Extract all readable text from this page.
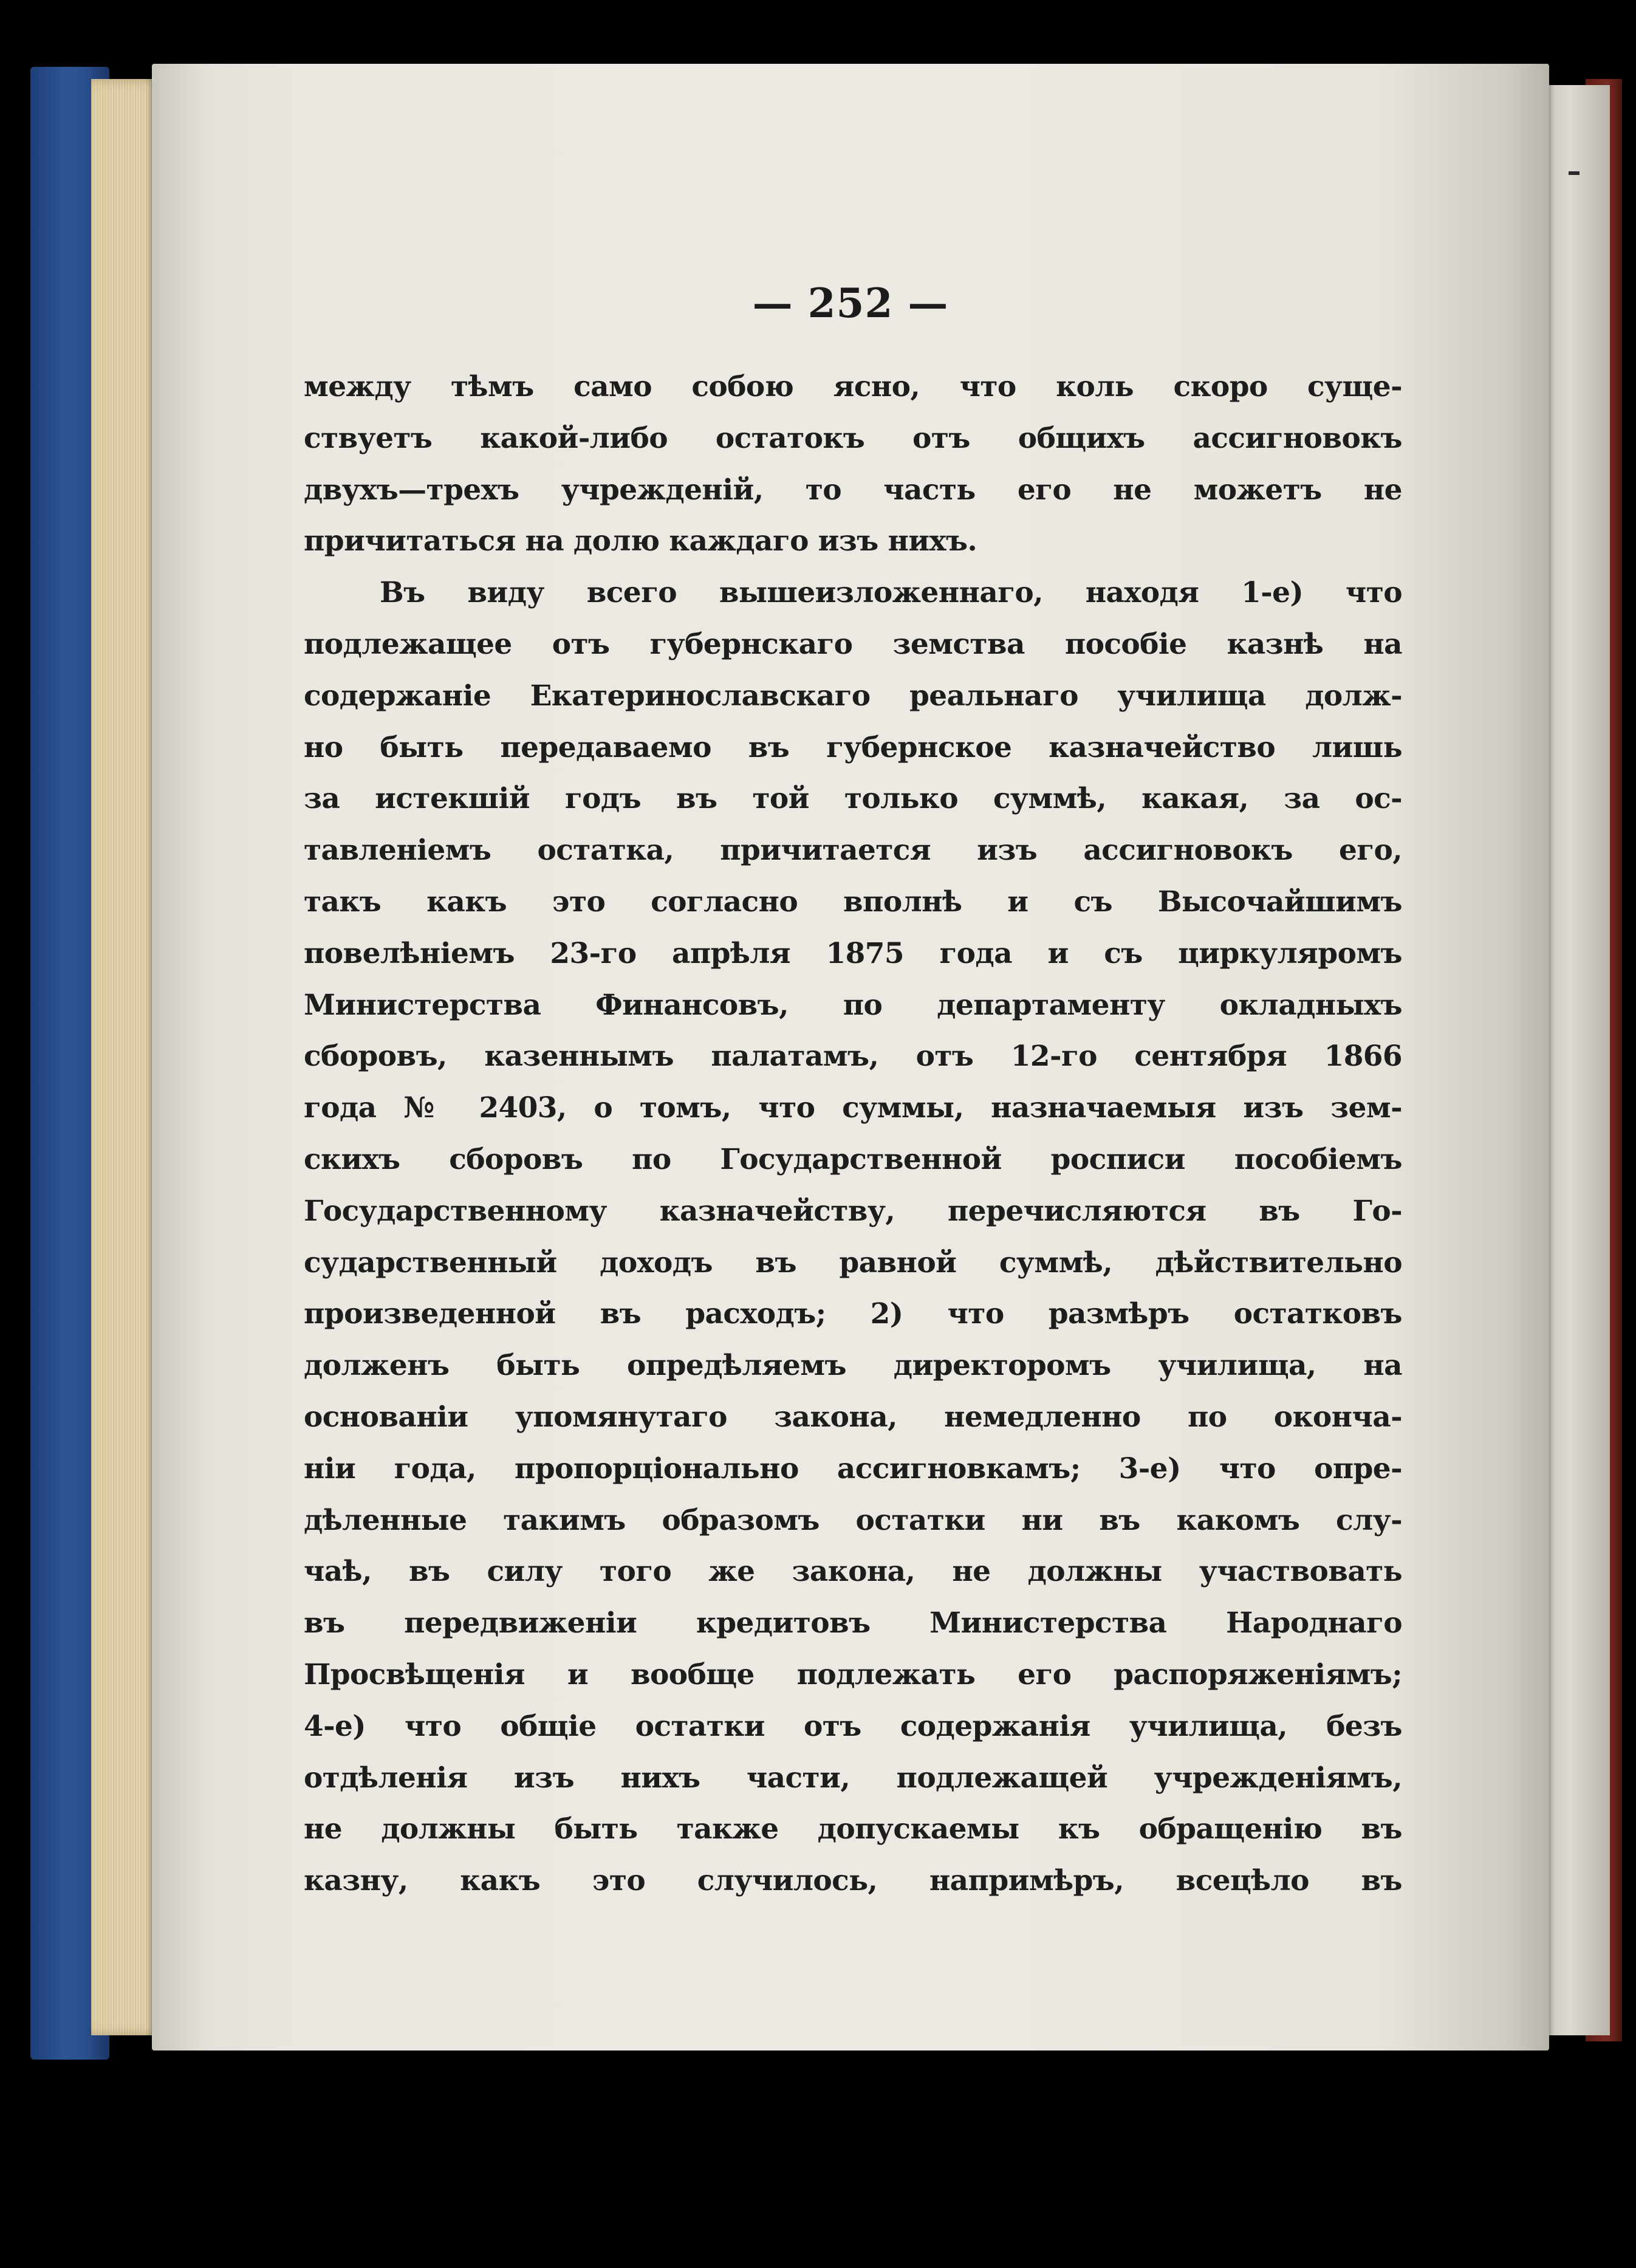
— 252 —
между тѣмъ само собою ясно, что коль скоро суще-
ствуетъ какой-либо остатокъ отъ общихъ ассигновокъ
двухъ—трехъ учрежденій, то часть его не можетъ не
причитаться на долю каждаго изъ нихъ.
Въ виду всего вышеизложеннаго, находя 1-е) что
подлежащее отъ губернскаго земства пособіе казнѣ на
содержаніе Екатеринославскаго реальнаго училища долж-
но быть передаваемо въ губернское казначейство лишь
за истекшій годъ въ той только суммѣ, какая, за ос-
тавленіемъ остатка, причитается изъ ассигновокъ его,
такъ какъ это согласно вполнѣ и съ Высочайшимъ
повелѣніемъ 23-го апрѣля 1875 года и съ циркуляромъ
Министерства Финансовъ, по департаменту окладныхъ
сборовъ, казеннымъ палатамъ, отъ 12-го сентября 1866
года № 2403, о томъ, что суммы, назначаемыя изъ зем-
скихъ сборовъ по Государственной росписи пособіемъ
Государственному казначейству, перечисляются въ Го-
сударственный доходъ въ равной суммѣ, дѣйствительно
произведенной въ расходъ; 2) что размѣръ остатковъ
долженъ быть опредѣляемъ директоромъ училища, на
основаніи упомянутаго закона, немедленно по оконча-
ніи года, пропорціонально ассигновкамъ; 3-е) что опре-
дѣленные такимъ образомъ остатки ни въ какомъ слу-
чаѣ, въ силу того же закона, не должны участвовать
въ передвиженіи кредитовъ Министерства Народнаго
Просвѣщенія и вообще подлежать его распоряженіямъ;
4-е) что общіе остатки отъ содержанія училища, безъ
отдѣленія изъ нихъ части, подлежащей учрежденіямъ,
не должны быть также допускаемы къ обращенію въ
казну, какъ это случилось, напримѣръ, всецѣло въ
